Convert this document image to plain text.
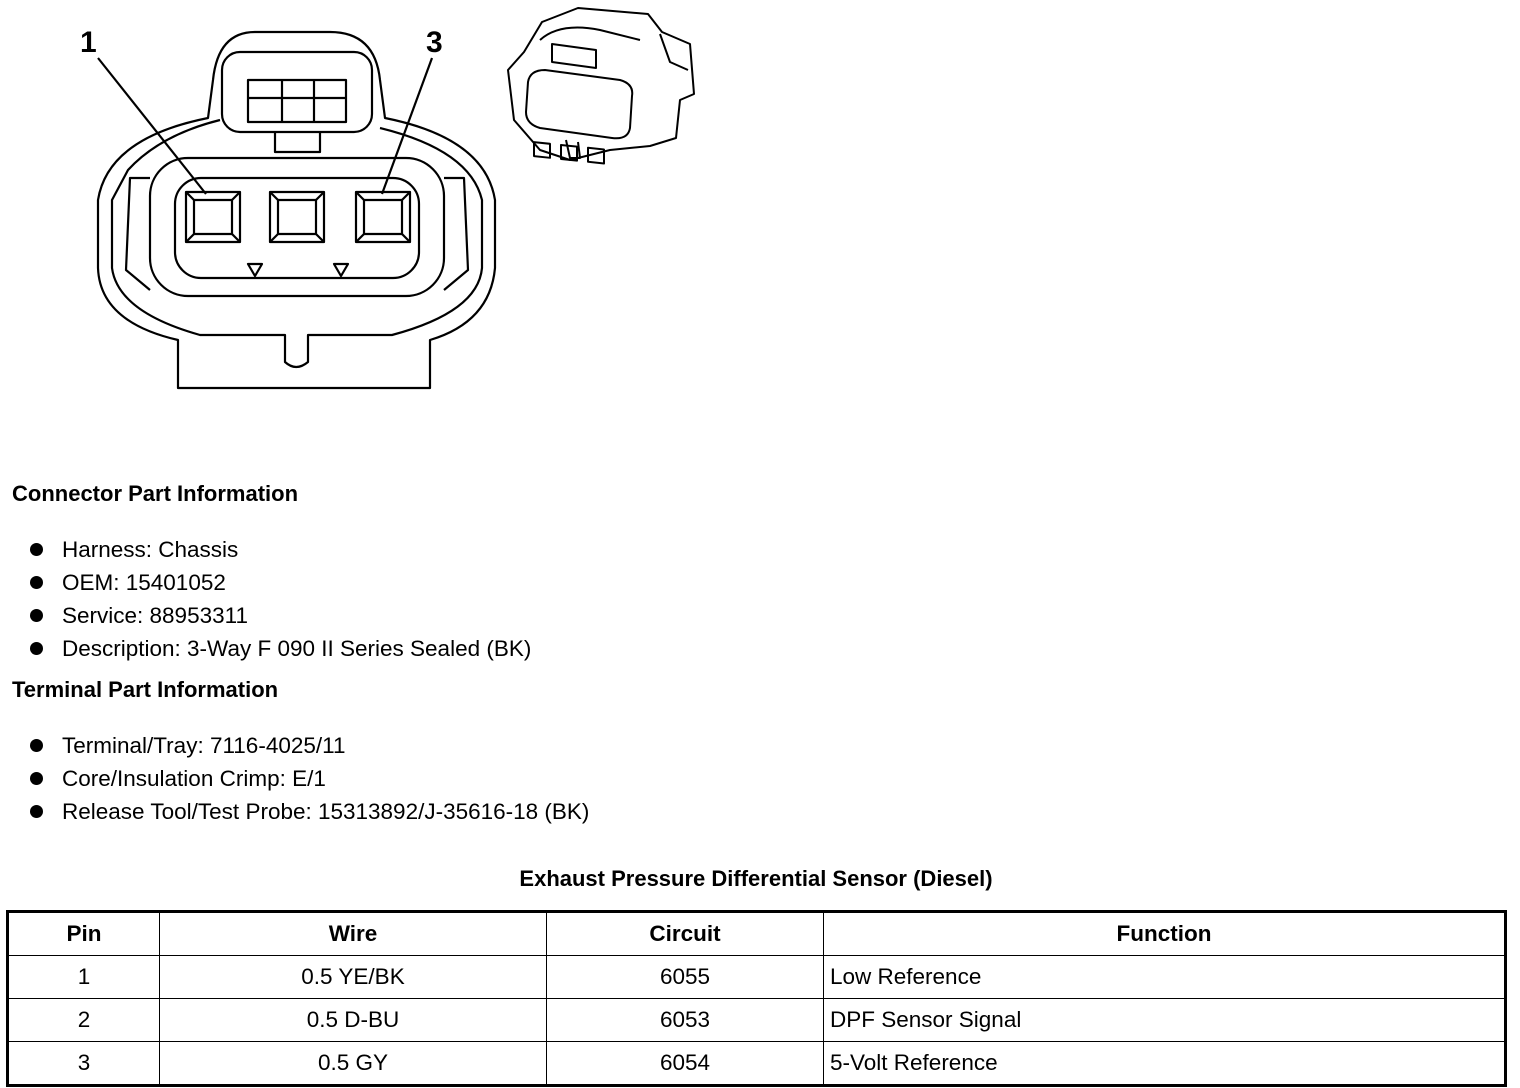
1	3
Connector Part Information
Harness: Chassis
OEM: 15401052
Service: 88953311
Description: 3-Way F 090 II Series Sealed (BK)
Terminal Part Information
Terminal/Tray: 7116-4025/11
Core/Insulation Crimp: E/1
Release Tool/Test Probe: 15313892/J-35616-18 (BK)
Exhaust Pressure Differential Sensor (Diesel)
Pin	Wire	Circuit	Function
1	0.5 YE/BK	6055	Low Reference
2	0.5 D-BU	6053	DPF Sensor Signal
3	0.5 GY	6054	5-Volt Reference
